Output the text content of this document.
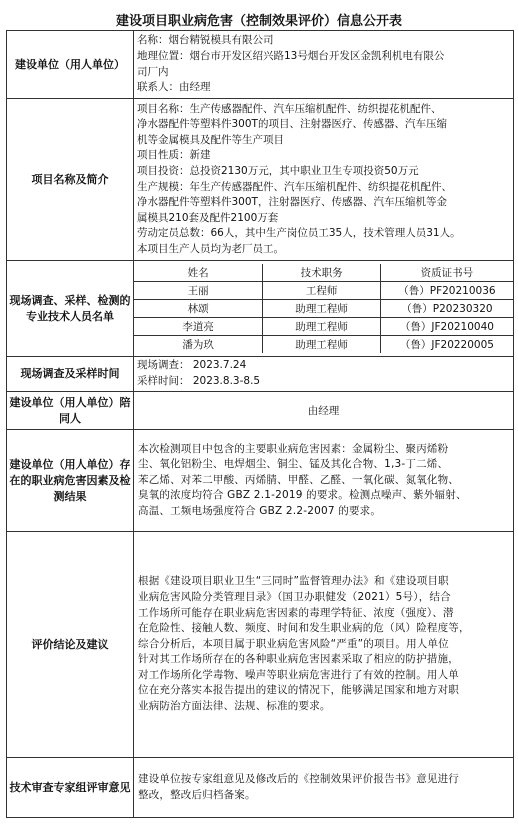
建设项目职业病危害（控制效果评价）信息公开表
建设单位（用人单位）	
名称：烟台精锐模具有限公司
地理位置：烟台市开发区绍兴路13号烟台开发区金凯利机电有限公
司厂内
联系人：由经理

项目名称及简介	
项目名称：生产传感器配件、汽车压缩机配件、纺织提花机配件、
净水器配件等塑料件300T的项目、注射器医疗、传感器、汽车压缩
机等金属模具及配件等生产项目
项目性质：新建
项目投资：总投资2130万元，其中职业卫生专项投资50万元
生产规模：年生产传感器配件、汽车压缩机配件、纺织提花机配件、
净水器配件等塑料件300T，注射器医疗、传感器、汽车压缩机等金
属模具210套及配件2100万套
劳动定员总数：66人，其中生产岗位员工35人，技术管理人员31人。
本项目生产人员均为老厂员工。

现场调查、采样、检测的专业技术人员名单	
姓名	技术职务	资质证书号
王丽	工程师	（鲁）PF20210036
林颂	助理工程师	（鲁）P20230320
李道亮	助理工程师	（鲁）JF20210040
潘为玖	助理工程师	（鲁）JF20220005

现场调查及采样时间	
现场调查： 2023.7.24
采样时间： 2023.8.3-8.5

建设单位（用人单位）陪同人	由经理
建设单位（用人单位）存在的职业病危害因素及检测结果	
本次检测项目中包含的主要职业病危害因素：金属粉尘、聚丙烯粉
尘、氧化铝粉尘、电焊烟尘、铜尘、锰及其化合物、1,3-丁二烯、
苯乙烯、对苯二甲酸、丙烯腈、甲醛、乙醛、一氧化碳、氮氧化物、
臭氧的浓度均符合 GBZ 2.1-2019 的要求。检测点噪声、紫外辐射、
高温、工频电场强度符合 GBZ 2.2-2007 的要求。

评价结论及建议	
根据《建设项目职业卫生“三同时”监督管理办法》和《建设项目职
业病危害风险分类管理目录》（国卫办职健发（2021）5号），结合
工作场所可能存在职业病危害因素的毒理学特征、浓度（强度）、潜
在危险性、接触人数、频度、时间和发生职业病的危（风）险程度等，
综合分析后，本项目属于职业病危害风险“严重”的项目。用人单位
针对其工作场所存在的各种职业病危害因素采取了相应的防护措施，
对工作场所化学毒物、噪声等职业病危害进行了有效的控制。用人单
位在充分落实本报告提出的建议的情况下，能够满足国家和地方对职
业病防治方面法律、法规、标准的要求。

技术审查专家组评审意见	
建设单位按专家组意见及修改后的《控制效果评价报告书》意见进行
整改，整改后归档备案。
